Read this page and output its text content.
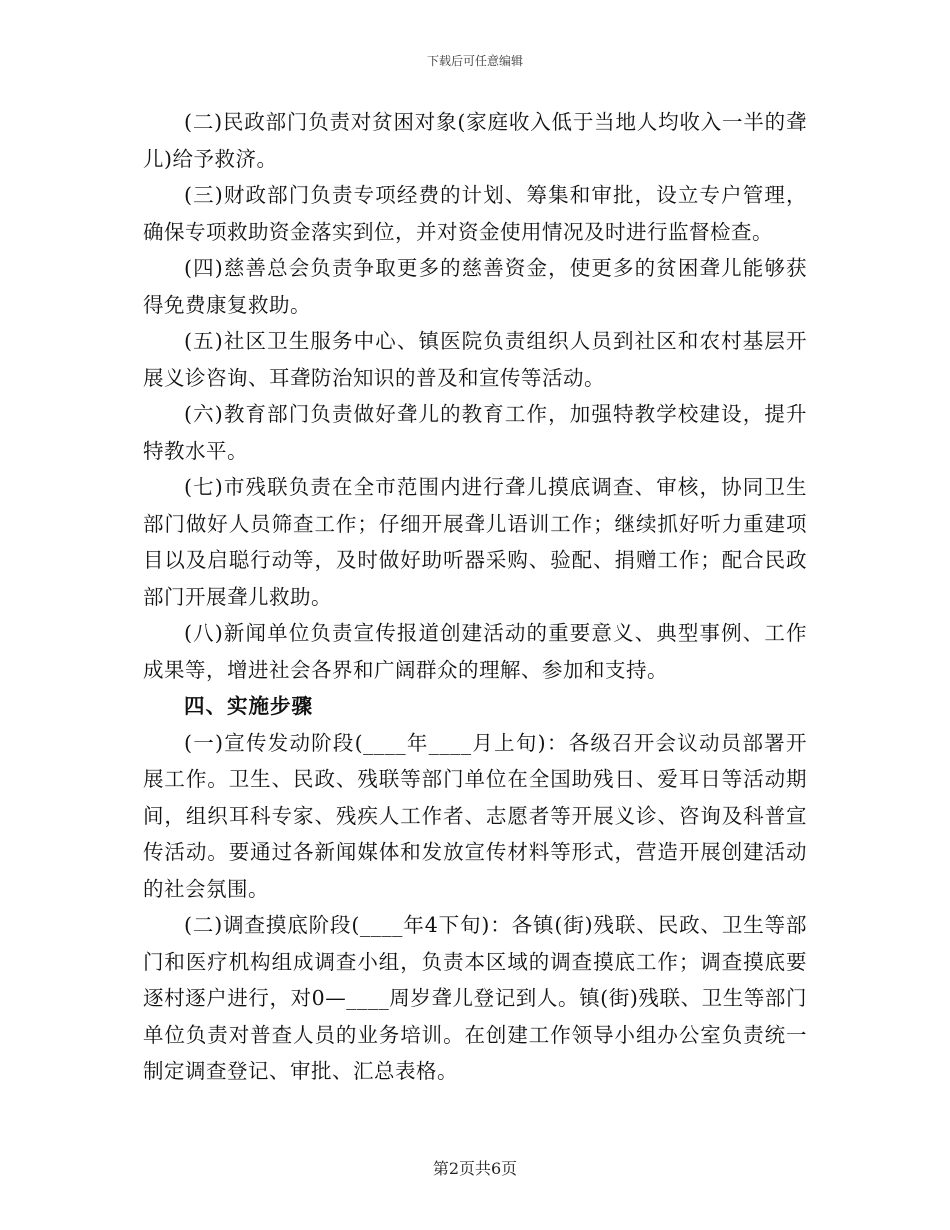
下载后可任意编辑

(二)民政部门负责对贫困对象(家庭收入低于当地人均收入一半的聋儿)给予救济。

(三)财政部门负责专项经费的计划、筹集和审批，设立专户管理，确保专项救助资金落实到位，并对资金使用情况及时进行监督检查。

(四)慈善总会负责争取更多的慈善资金，使更多的贫困聋儿能够获得免费康复救助。

(五)社区卫生服务中心、镇医院负责组织人员到社区和农村基层开展义诊咨询、耳聋防治知识的普及和宣传等活动。

(六)教育部门负责做好聋儿的教育工作，加强特教学校建设，提升特教水平。

(七)市残联负责在全市范围内进行聋儿摸底调查、审核，协同卫生部门做好人员筛查工作；仔细开展聋儿语训工作；继续抓好听力重建项目以及启聪行动等，及时做好助听器采购、验配、捐赠工作；配合民政部门开展聋儿救助。

(八)新闻单位负责宣传报道创建活动的重要意义、典型事例、工作成果等，增进社会各界和广阔群众的理解、参加和支持。

四、实施步骤

(一)宣传发动阶段(____年____月上旬)：各级召开会议动员部署开展工作。卫生、民政、残联等部门单位在全国助残日、爱耳日等活动期间，组织耳科专家、残疾人工作者、志愿者等开展义诊、咨询及科普宣传活动。要通过各新闻媒体和发放宣传材料等形式，营造开展创建活动的社会氛围。

(二)调查摸底阶段(____年4下旬)：各镇(街)残联、民政、卫生等部门和医疗机构组成调查小组，负责本区域的调查摸底工作；调查摸底要逐村逐户进行，对0—____周岁聋儿登记到人。镇(街)残联、卫生等部门单位负责对普查人员的业务培训。在创建工作领导小组办公室负责统一制定调查登记、审批、汇总表格。

第2页共6页
